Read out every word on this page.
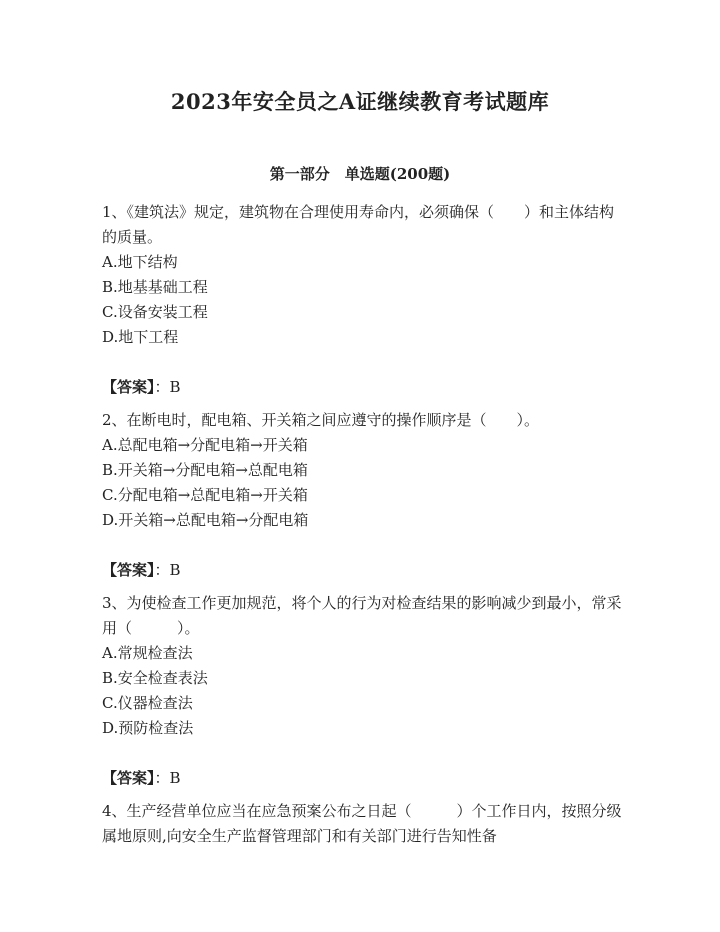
2023年安全员之A证继续教育考试题库
第一部分　单选题(200题)

1、《建筑法》规定，建筑物在合理使用寿命内，必须确保（　　）和主体结构的质量。

A.地下结构
B.地基基础工程
C.设备安装工程
D.地下工程

【答案】：B

2、在断电时，配电箱、开关箱之间应遵守的操作顺序是（　　）。

A.总配电箱→分配电箱→开关箱
B.开关箱→分配电箱→总配电箱
C.分配电箱→总配电箱→开关箱
D.开关箱→总配电箱→分配电箱

【答案】：B

3、为使检查工作更加规范，将个人的行为对检查结果的影响减少到最小，常采用（　　　）。

A.常规检查法
B.安全检查表法
C.仪器检查法
D.预防检查法

【答案】：B

4、生产经营单位应当在应急预案公布之日起（　　　）个工作日内，按照分级属地原则,向安全生产监督管理部门和有关部门进行告知性备
